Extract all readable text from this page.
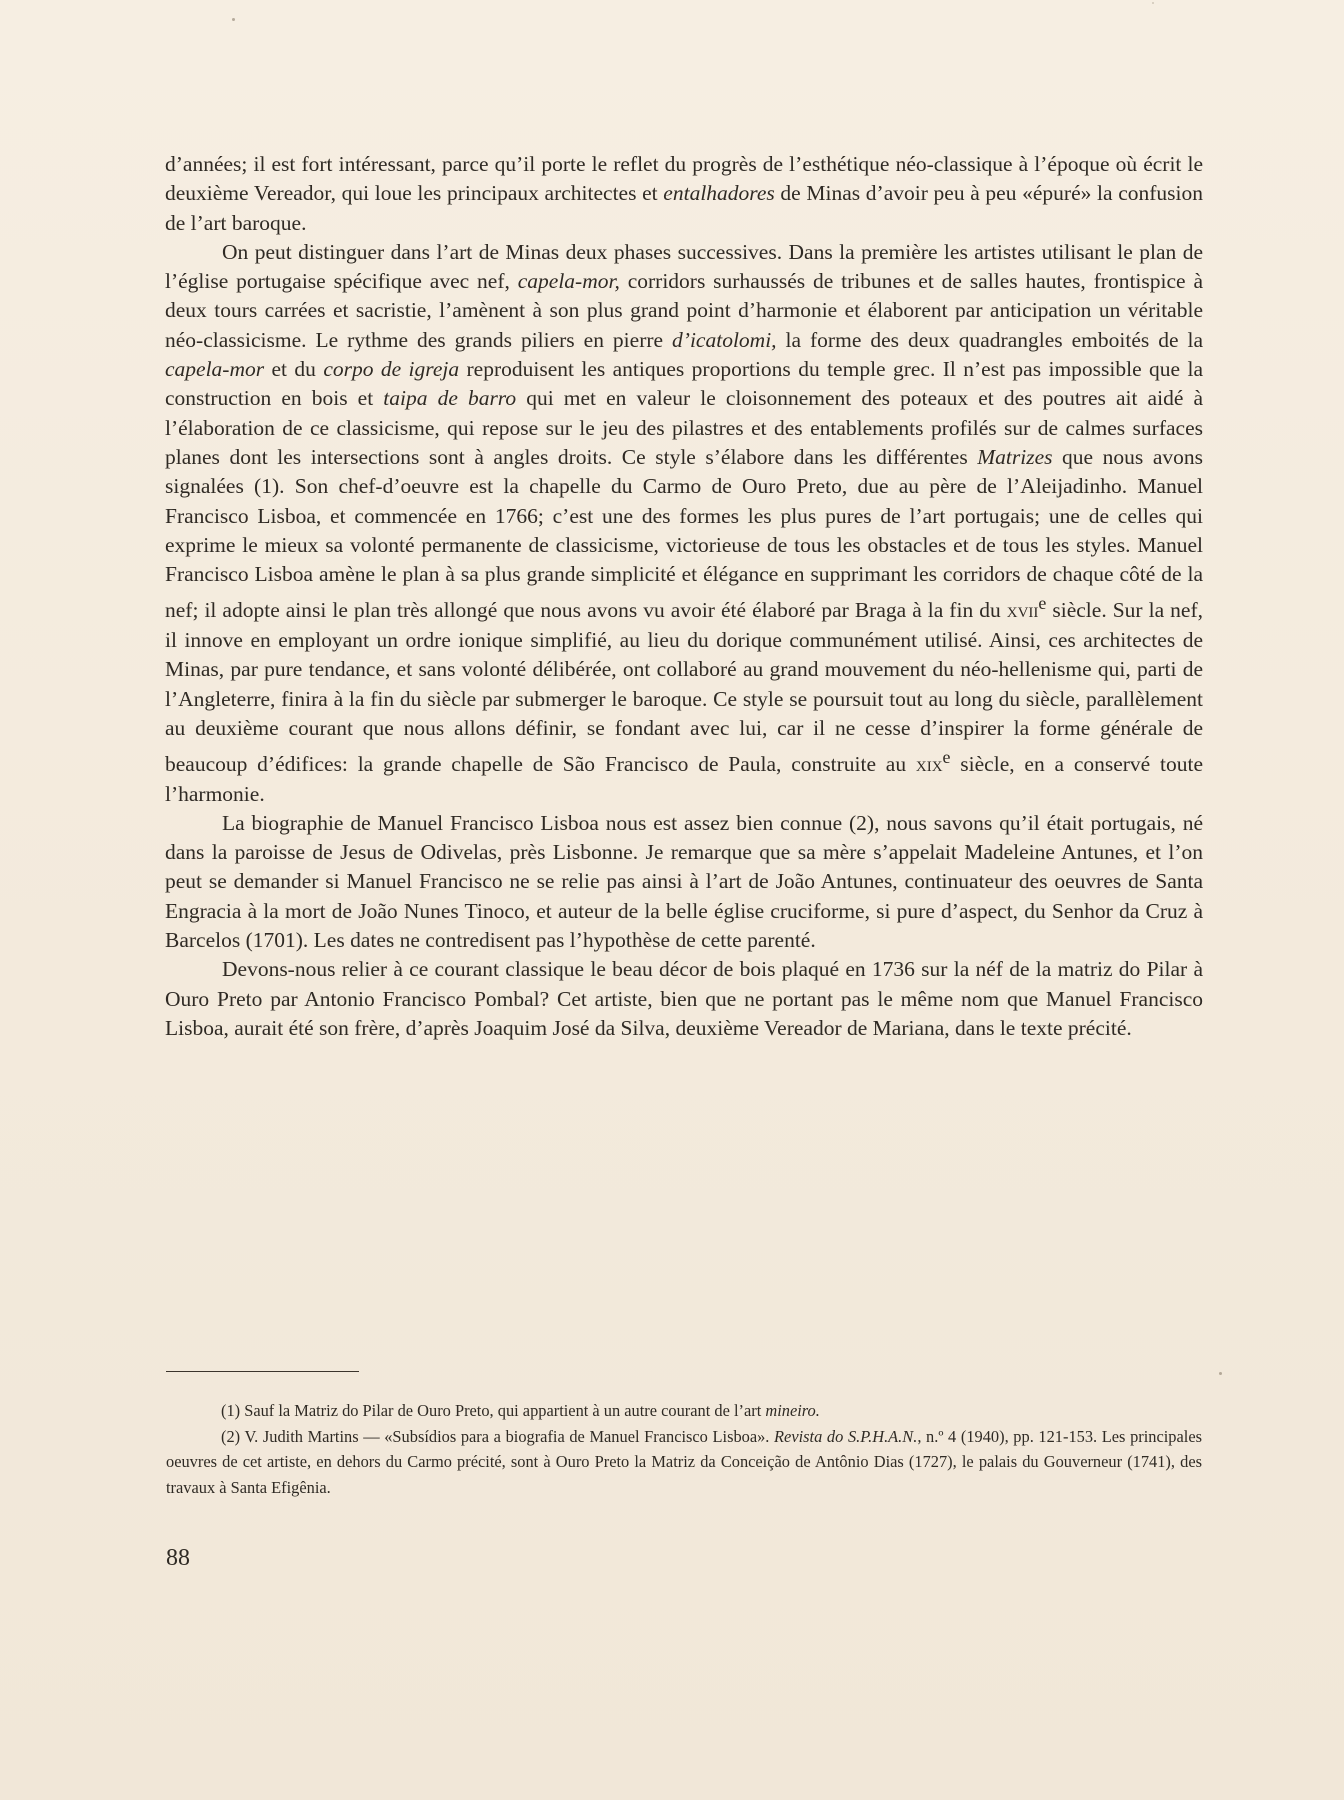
d’années; il est fort intéressant, parce qu’il porte le reflet du progrès de l’esthétique néo-classique à l’époque où écrit le deuxième Vereador, qui loue les principaux architectes et entalhadores de Minas d’avoir peu à peu «épuré» la confusion de l’art baroque.

On peut distinguer dans l’art de Minas deux phases successives. Dans la première les artistes utilisant le plan de l’église portugaise spécifique avec nef, capela-mor, corridors surhaussés de tribunes et de salles hautes, frontispice à deux tours carrées et sacristie, l’amènent à son plus grand point d’harmonie et élaborent par anticipation un véritable néo-classicisme. Le rythme des grands piliers en pierre d’icatolomi, la forme des deux quadrangles emboités de la capela-mor et du corpo de igreja reproduisent les antiques proportions du temple grec. Il n’est pas impossible que la construction en bois et taipa de barro qui met en valeur le cloisonnement des poteaux et des poutres ait aidé à l’élaboration de ce classicisme, qui repose sur le jeu des pilastres et des entablements profilés sur de calmes surfaces planes dont les intersections sont à angles droits. Ce style s’élabore dans les différentes Matrizes que nous avons signalées (1). Son chef-d’oeuvre est la chapelle du Carmo de Ouro Preto, due au père de l’Aleijadinho. Manuel Francisco Lisboa, et commencée en 1766; c’est une des formes les plus pures de l’art portugais; une de celles qui exprime le mieux sa volonté permanente de classicisme, victorieuse de tous les obstacles et de tous les styles. Manuel Francisco Lisboa amène le plan à sa plus grande simplicité et élégance en supprimant les corridors de chaque côté de la nef; il adopte ainsi le plan très allongé que nous avons vu avoir été élaboré par Braga à la fin du xvii$^e$ siècle. Sur la nef, il innove en employant un ordre ionique simplifié, au lieu du dorique communément utilisé. Ainsi, ces architectes de Minas, par pure tendance, et sans volonté délibérée, ont collaboré au grand mouvement du néo-hellenisme qui, parti de l’Angleterre, finira à la fin du siècle par submerger le baroque. Ce style se poursuit tout au long du siècle, parallèlement au deuxième courant que nous allons définir, se fondant avec lui, car il ne cesse d’inspirer la forme générale de beaucoup d’édifices: la grande chapelle de São Francisco de Paula, construite au xix$^e$ siècle, en a conservé toute l’harmonie.

La biographie de Manuel Francisco Lisboa nous est assez bien connue (2), nous savons qu’il était portugais, né dans la paroisse de Jesus de Odivelas, près Lisbonne. Je remarque que sa mère s’appelait Madeleine Antunes, et l’on peut se demander si Manuel Francisco ne se relie pas ainsi à l’art de João Antunes, continuateur des oeuvres de Santa Engracia à la mort de João Nunes Tinoco, et auteur de la belle église cruciforme, si pure d’aspect, du Senhor da Cruz à Barcelos (1701). Les dates ne contredisent pas l’hypothèse de cette parenté.

Devons-nous relier à ce courant classique le beau décor de bois plaqué en 1736 sur la néf de la matriz do Pilar à Ouro Preto par Antonio Francisco Pombal? Cet artiste, bien que ne portant pas le même nom que Manuel Francisco Lisboa, aurait été son frère, d’après Joaquim José da Silva, deuxième Vereador de Mariana, dans le texte précité.

(1) Sauf la Matriz do Pilar de Ouro Preto, qui appartient à un autre courant de l’art mineiro.

(2) V. Judith Martins — «Subsídios para a biografia de Manuel Francisco Lisboa». Revista do S.P.H.A.N., n.º 4 (1940), pp. 121-153. Les principales oeuvres de cet artiste, en dehors du Carmo précité, sont à Ouro Preto la Matriz da Conceição de Antônio Dias (1727), le palais du Gouverneur (1741), des travaux à Santa Efigênia.

88
